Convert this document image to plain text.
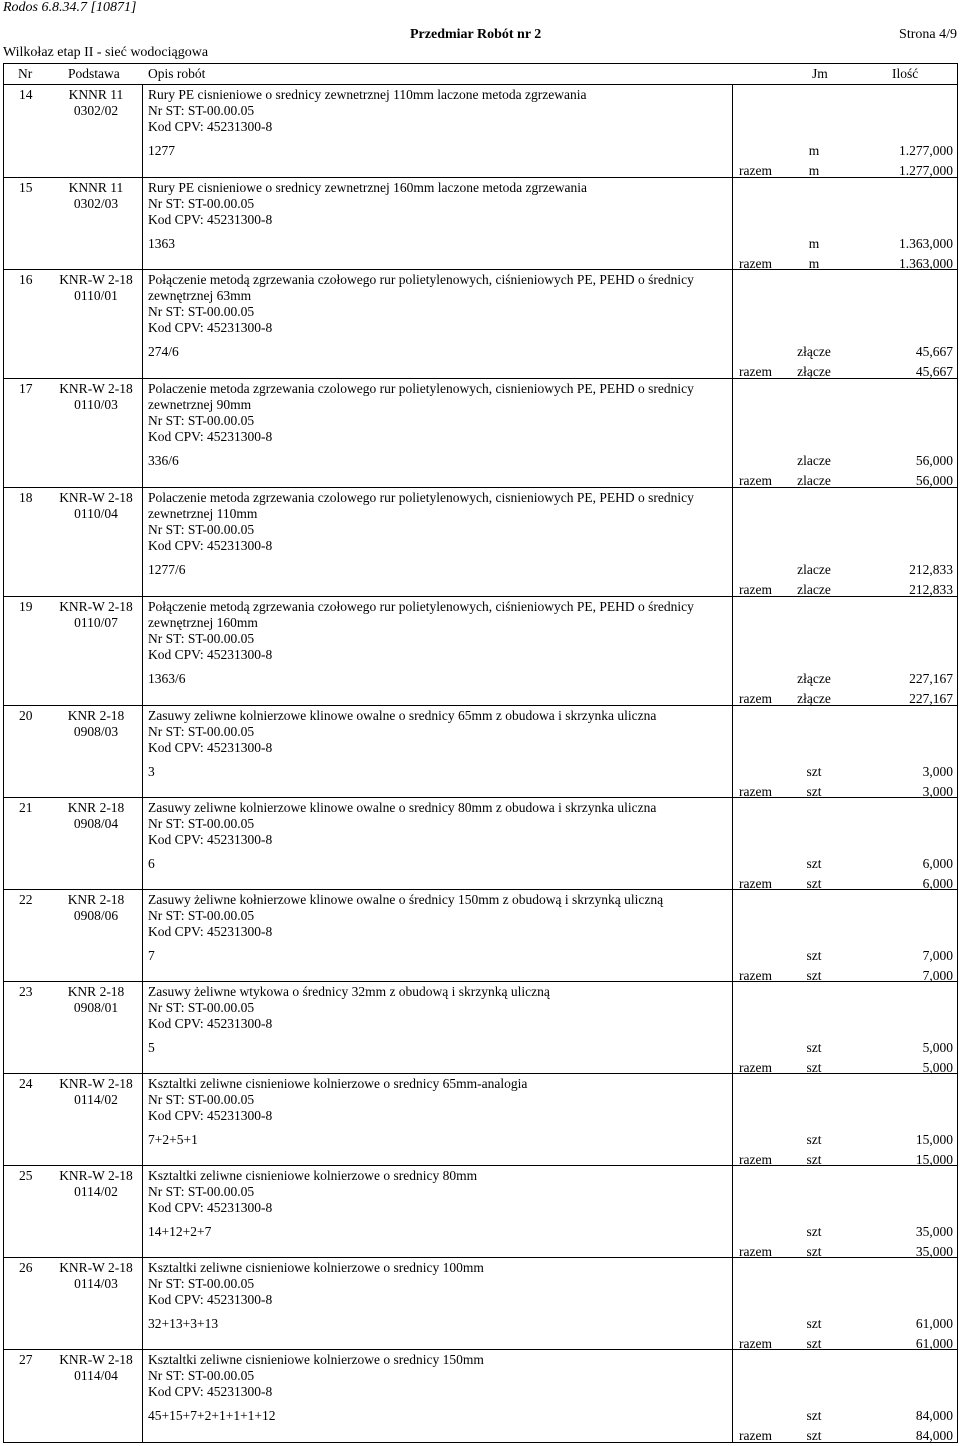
Rodos 6.8.34.7 [10871]
Przedmiar Robót nr 2	Strona 4/9
Wilkołaz etap II - sieć wodociągowa
Nr	Podstawa Opis robót	Jm	Ilość
14	KNNR 11
0302/02
Rury PE cisnieniowe o srednicy zewnetrznej 110mm laczone metoda zgrzewania
Nr ST: ST-00.00.05
Kod CPV: 45231300-8
1277	m	1.277,000
razem	m	1.277,000
15	KNNR 11
0302/03
Rury PE cisnieniowe o srednicy zewnetrznej 160mm laczone metoda zgrzewania
Nr ST: ST-00.00.05
Kod CPV: 45231300-8
1363	m	1.363,000
razem	m	1.363,000
16	KNR-W 2-18
0110/01
Połączenie metodą zgrzewania czołowego rur polietylenowych, ciśnieniowych PE, PEHD o średnicy zewnętrznej 63mm
Nr ST: ST-00.00.05
Kod CPV: 45231300-8
274/6	złącze	45,667
razem	złącze	45,667
17	KNR-W 2-18
0110/03
Polaczenie metoda zgrzewania czolowego rur polietylenowych, cisnieniowych PE, PEHD o srednicy zewnetrznej 90mm
Nr ST: ST-00.00.05
Kod CPV: 45231300-8
336/6	zlacze	56,000
razem	zlacze	56,000
18	KNR-W 2-18
0110/04
Polaczenie metoda zgrzewania czolowego rur polietylenowych, cisnieniowych PE, PEHD o srednicy zewnetrznej 110mm
Nr ST: ST-00.00.05
Kod CPV: 45231300-8
1277/6	zlacze	212,833
razem	zlacze	212,833
19	KNR-W 2-18
0110/07
Połączenie metodą zgrzewania czołowego rur polietylenowych, ciśnieniowych PE, PEHD o średnicy zewnętrznej 160mm
Nr ST: ST-00.00.05
Kod CPV: 45231300-8
1363/6	złącze	227,167
razem	złącze	227,167
20	KNR 2-18
0908/03
Zasuwy zeliwne kolnierzowe klinowe owalne o srednicy 65mm z obudowa i skrzynka uliczna
Nr ST: ST-00.00.05
Kod CPV: 45231300-8
3	szt	3,000
razem	szt	3,000
21	KNR 2-18
0908/04
Zasuwy zeliwne kolnierzowe klinowe owalne o srednicy 80mm z obudowa i skrzynka uliczna
Nr ST: ST-00.00.05
Kod CPV: 45231300-8
6	szt	6,000
razem	szt	6,000
22	KNR 2-18
0908/06
Zasuwy żeliwne kołnierzowe klinowe owalne o średnicy 150mm z obudową i skrzynką uliczną
Nr ST: ST-00.00.05
Kod CPV: 45231300-8
7	szt	7,000
razem	szt	7,000
23	KNR 2-18
0908/01
Zasuwy żeliwne wtykowa o średnicy 32mm z obudową i skrzynką uliczną
Nr ST: ST-00.00.05
Kod CPV: 45231300-8
5	szt	5,000
razem	szt	5,000
24	KNR-W 2-18
0114/02
Ksztaltki zeliwne cisnieniowe kolnierzowe o srednicy 65mm-analogia
Nr ST: ST-00.00.05
Kod CPV: 45231300-8
7+2+5+1	szt	15,000
razem	szt	15,000
25	KNR-W 2-18
0114/02
Ksztaltki zeliwne cisnieniowe kolnierzowe o srednicy 80mm
Nr ST: ST-00.00.05
Kod CPV: 45231300-8
14+12+2+7	szt	35,000
razem	szt	35,000
26	KNR-W 2-18
0114/03
Ksztaltki zeliwne cisnieniowe kolnierzowe o srednicy 100mm
Nr ST: ST-00.00.05
Kod CPV: 45231300-8
32+13+3+13	szt	61,000
razem	szt	61,000
27	KNR-W 2-18
0114/04
Ksztaltki zeliwne cisnieniowe kolnierzowe o srednicy 150mm
Nr ST: ST-00.00.05
Kod CPV: 45231300-8
45+15+7+2+1+1+1+12	szt	84,000
razem	szt	84,000
